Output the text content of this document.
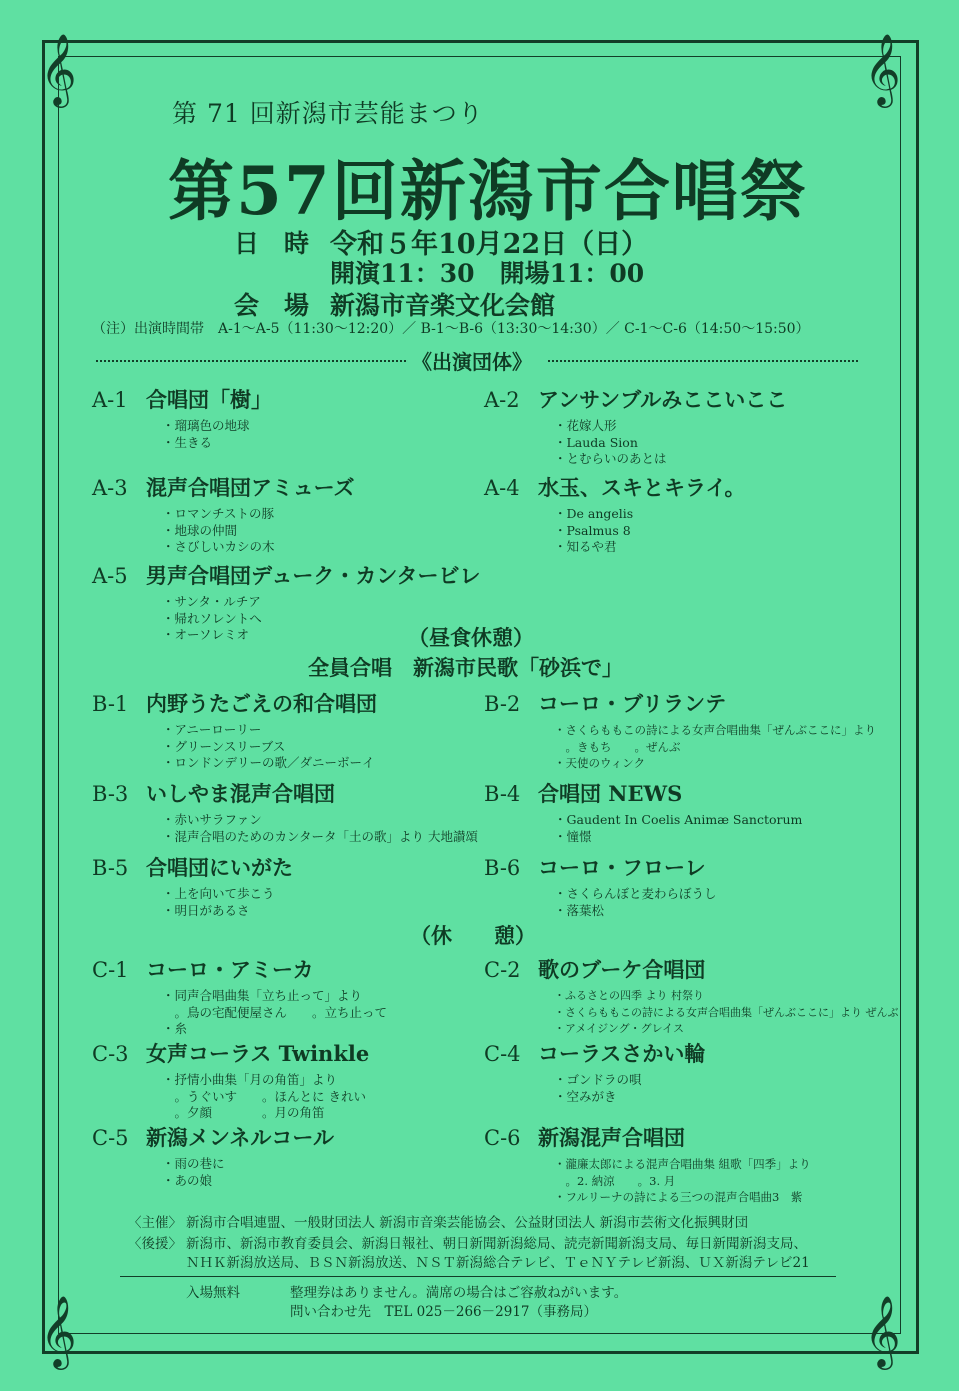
𝄞	𝄞
𝄞	𝄞
第 71 回新潟市芸能まつり
第57回新潟市合唱祭
日　時 令和５年10月22日（日）
開演11：30　開場11：00
会　場 新潟市音楽文化会館
（注）出演時間帯　A-1～A-5（11:30～12:20）／ B-1～B-6（13:30～14:30）／ C-1～C-6（14:50～15:50）
《出演団体》
A-1 合唱団「樹」
・瑠璃色の地球
・生きる
A-2 アンサンブルみここいここ
・花嫁人形
・Lauda Sion
・とむらいのあとは
A-3 混声合唱団アミューズ
・ロマンチストの豚
・地球の仲間
・さびしいカシの木
A-4 水玉、スキとキライ。
・De angelis
・Psalmus 8
・知るや君
A-5 男声合唱団デューク・カンタービレ
・サンタ・ルチア
・帰れソレントへ
・オーソレミオ	（昼食休憩）
全員合唱　新潟市民歌「砂浜で」
B-1 内野うたごえの和合唱団
・アニーローリー
・グリーンスリーブス
・ロンドンデリーの歌／ダニーボーイ
B-2 コーロ・ブリランテ
・さくらももこの詩による女声合唱曲集「ぜんぶここに」より
　。きもち　　。ぜんぶ
・天使のウィンク
B-3 いしやま混声合唱団
・赤いサラファン
・混声合唱のためのカンタータ「土の歌」より 大地讃頌
B-4 合唱団 NEWS
・Gaudent In Coelis Animæ Sanctorum
・憧憬
B-5 合唱団にいがた
・上を向いて歩こう
・明日があるさ
B-6 コーロ・フローレ
・さくらんぼと麦わらぼうし
・落葉松
（休　　憩）
C-1 コーロ・アミーカ
・同声合唱曲集「立ち止って」より
　。鳥の宅配便屋さん　　。立ち止って
・糸
C-2 歌のブーケ合唱団
・ふるさとの四季 より 村祭り
・さくらももこの詩による女声合唱曲集「ぜんぶここに」より ぜんぶ
・アメイジング・グレイス
C-3 女声コーラス Twinkle
・抒情小曲集「月の角笛」より
　。うぐいす　　。ほんとに きれい
　。夕顔　　　　。月の角笛
C-4 コーラスさかい輪
・ゴンドラの唄
・空みがき
C-5 新潟メンネルコール
・雨の巷に
・あの娘
C-6 新潟混声合唱団
・瀧廉太郎による混声合唱曲集 組歌「四季」より
　。2. 納涼　　。3. 月
・フルリーナの詩による三つの混声合唱曲3　紫
〈主催〉 新潟市合唱連盟、一般財団法人 新潟市音楽芸能協会、公益財団法人 新潟市芸術文化振興財団
〈後援〉 新潟市、新潟市教育委員会、新潟日報社、朝日新聞新潟総局、読売新聞新潟支局、毎日新聞新潟支局、
ＮＨＫ新潟放送局、ＢＳＮ新潟放送、ＮＳＴ新潟総合テレビ、ＴｅＮＹテレビ新潟、ＵＸ新潟テレビ21
入場無料	整理券はありません。満席の場合はご容赦ねがいます。
問い合わせ先　TEL 025－266－2917（事務局）
